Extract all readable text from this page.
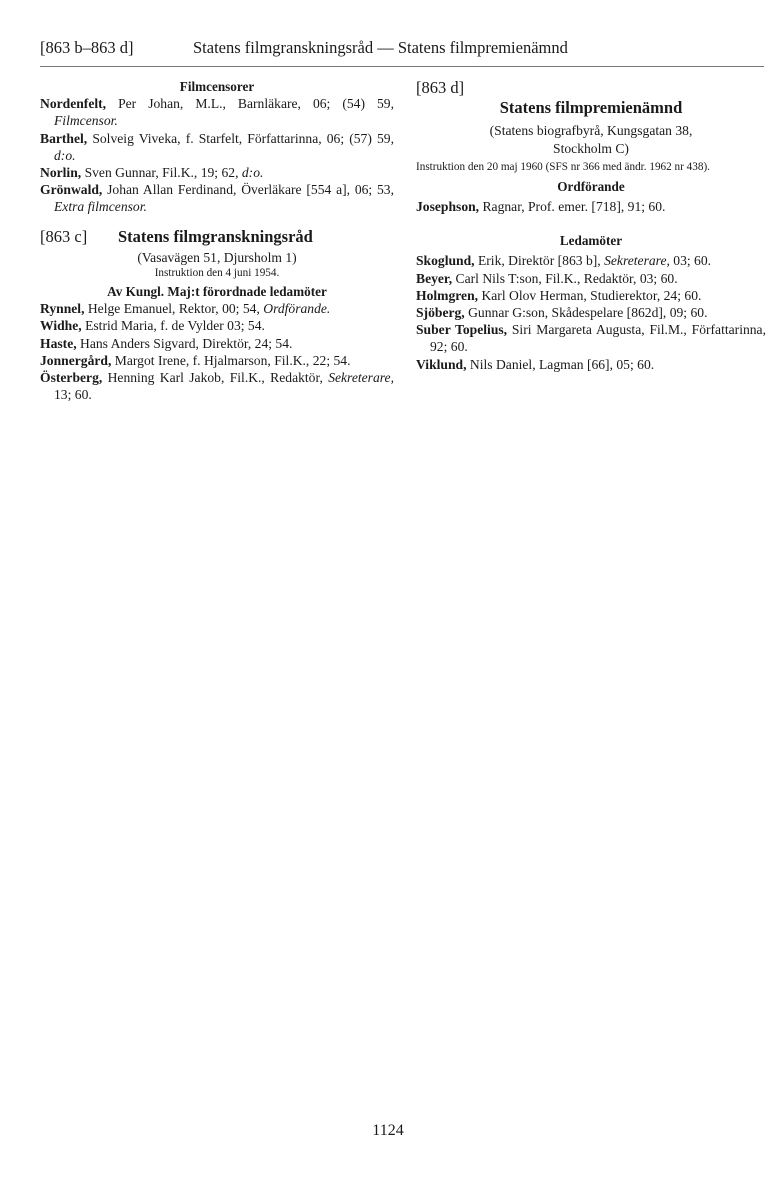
[863 b–863 d]	Statens filmgranskningsråd — Statens filmpremienämnd
Filmcensorer
Nordenfelt, Per Johan, M.L., Barnläkare, 06; (54) 59, Filmcensor.
Barthel, Solveig Viveka, f. Starfelt, Författarinna, 06; (57) 59, d:o.
Norlin, Sven Gunnar, Fil.K., 19; 62, d:o.
Grönwald, Johan Allan Ferdinand, Överläkare [554 a], 06; 53, Extra filmcensor.
[863 c]	Statens filmgranskningsråd
(Vasavägen 51, Djursholm 1)
Instruktion den 4 juni 1954.
Av Kungl. Maj:t förordnade ledamöter
Rynnel, Helge Emanuel, Rektor, 00; 54, Ordförande.
Widhe, Estrid Maria, f. de Vylder 03; 54.
Haste, Hans Anders Sigvard, Direktör, 24; 54.
Jonnergård, Margot Irene, f. Hjalmarson, Fil.K., 22; 54.
Österberg, Henning Karl Jakob, Fil.K., Redaktör, Sekreterare, 13; 60.
[863 d]
Statens filmpremienämnd
(Statens biografbyrå, Kungsgatan 38,
Stockholm C)
Instruktion den 20 maj 1960 (SFS nr 366 med ändr. 1962 nr 438).
Ordförande
Josephson, Ragnar, Prof. emer. [718], 91; 60.
Ledamöter
Skoglund, Erik, Direktör [863 b], Sekreterare, 03; 60.
Beyer, Carl Nils T:son, Fil.K., Redaktör, 03; 60.
Holmgren, Karl Olov Herman, Studierektor, 24; 60.
Sjöberg, Gunnar G:son, Skådespelare [862d], 09; 60.
Suber Topelius, Siri Margareta Augusta, Fil.M., Författarinna, 92; 60.
Viklund, Nils Daniel, Lagman [66], 05; 60.
1124
